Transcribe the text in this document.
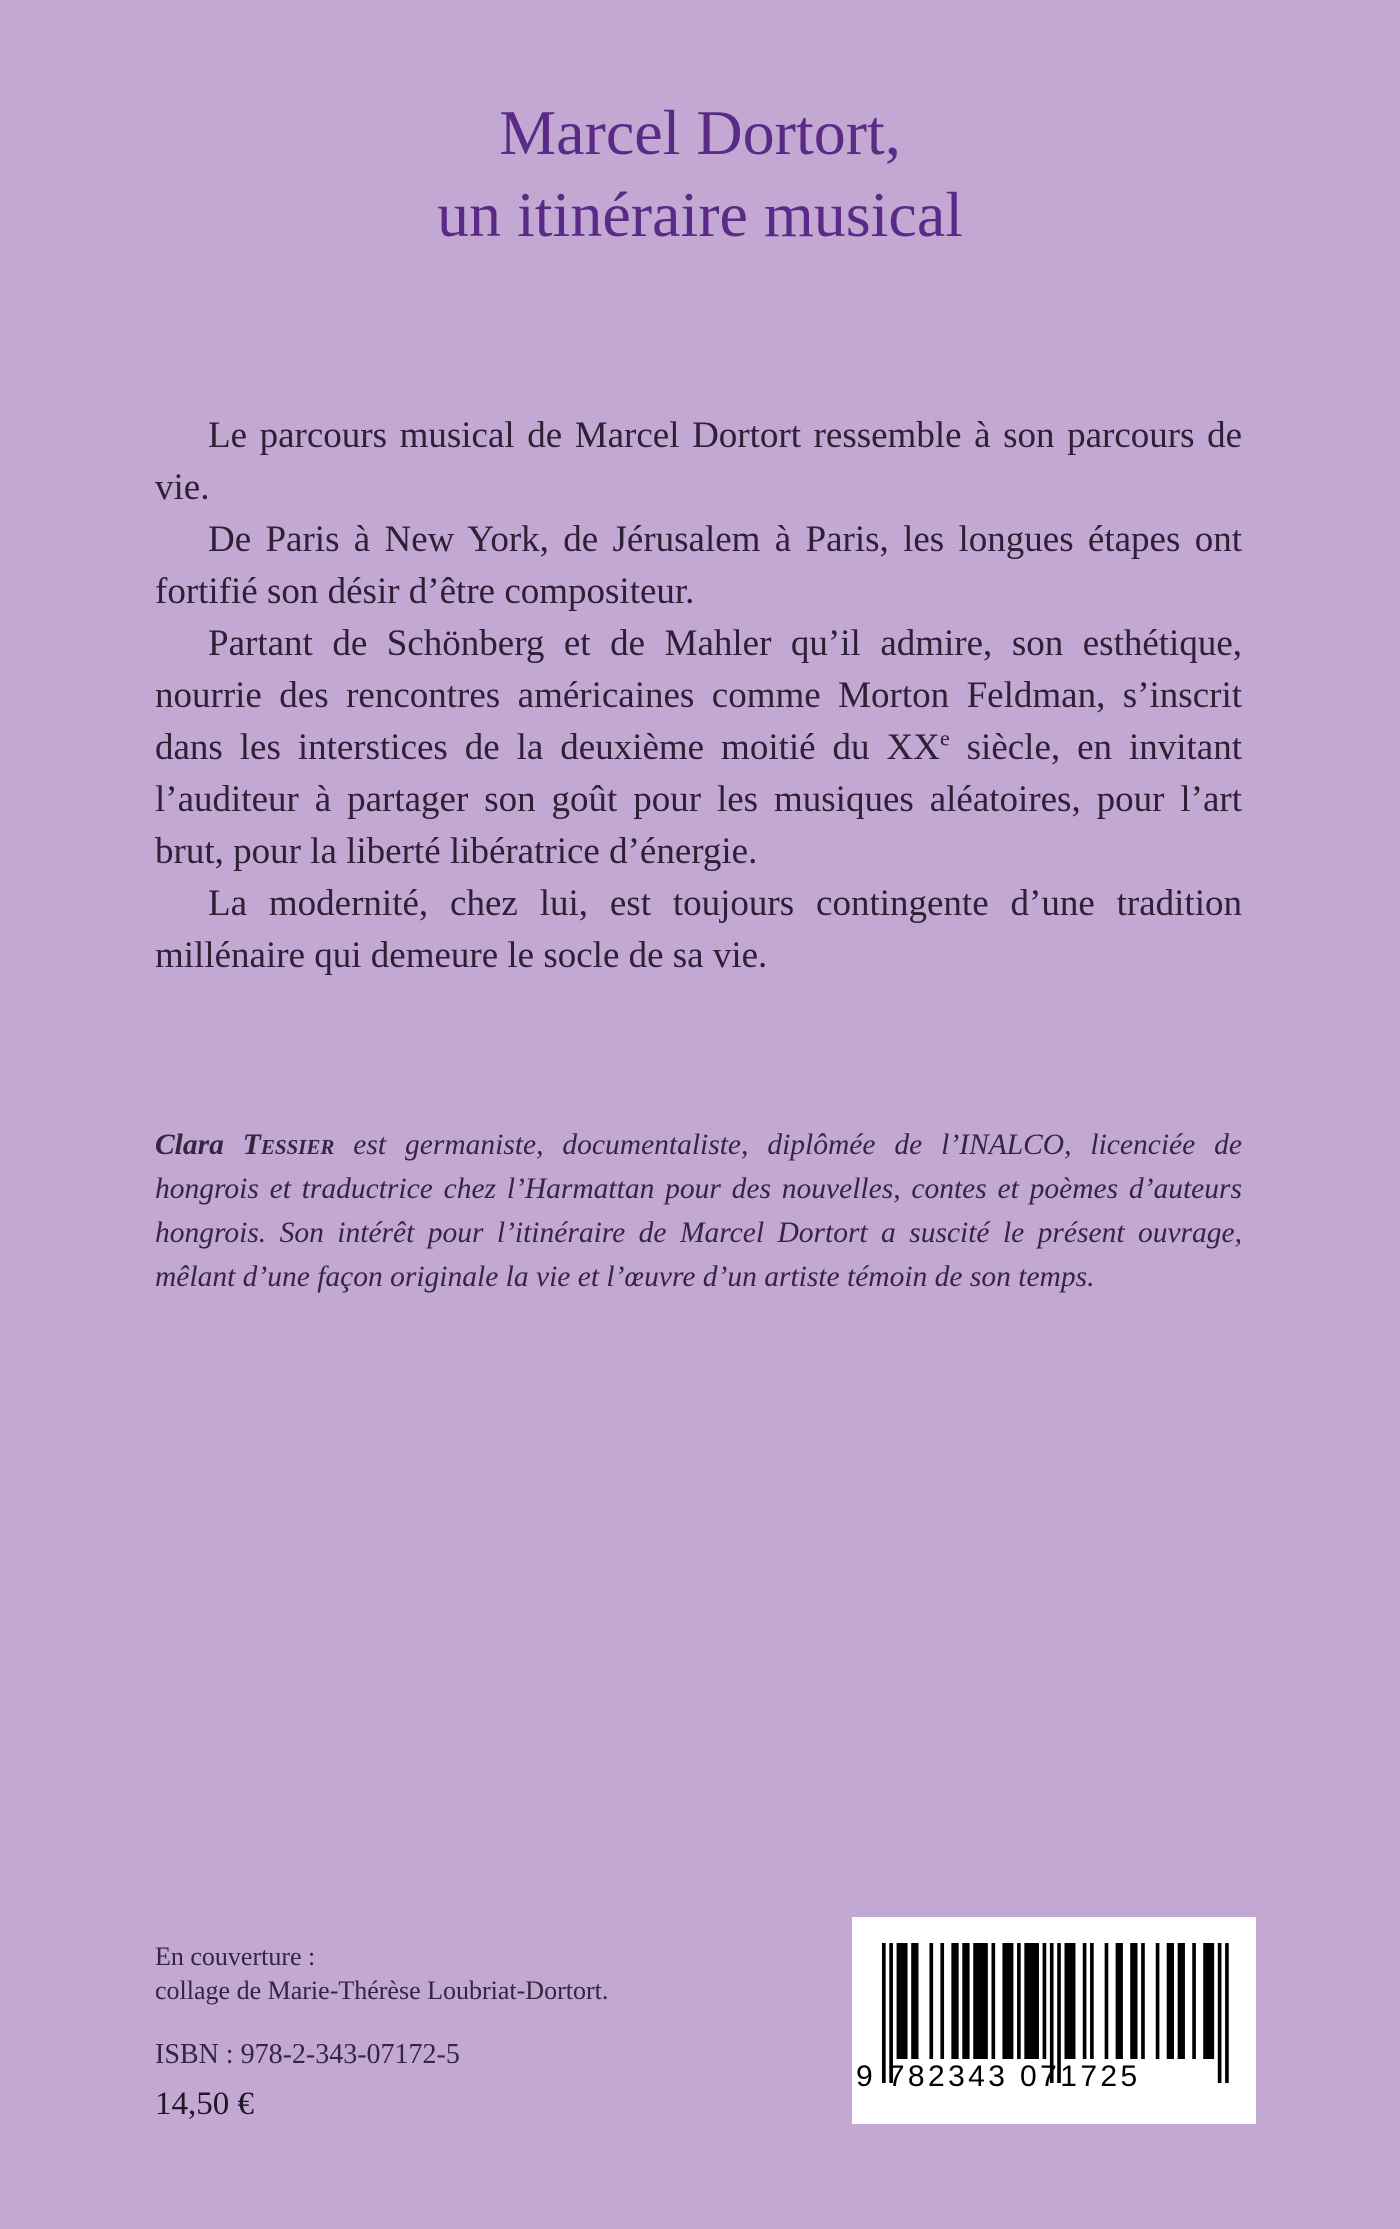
Marcel Dortort,
un itinéraire musical

Le parcours musical de Marcel Dortort ressemble à son parcours de vie.

De Paris à New York, de Jérusalem à Paris, les longues étapes ont fortifié son désir d’être compositeur.

Partant de Schönberg et de Mahler qu’il admire, son esthétique, nourrie des rencontres américaines comme Morton Feldman, s’inscrit dans les interstices de la deuxième moitié du XXe siècle, en invitant l’auditeur à partager son goût pour les musiques aléatoires, pour l’art brut, pour la liberté libératrice d’énergie.

La modernité, chez lui, est toujours contingente d’une tradition millénaire qui demeure le socle de sa vie.

Clara Tessier est germaniste, documentaliste, diplômée de l’INALCO, licenciée de hongrois et traductrice chez l’Harmattan pour des nouvelles, contes et poèmes d’auteurs hongrois. Son intérêt pour l’itinéraire de Marcel Dortort a suscité le présent ouvrage, mêlant d’une façon originale la vie et l’œuvre d’un artiste témoin de son temps.

En couverture :
collage de Marie-Thérèse Loubriat-Dortort.
ISBN : 978-2-343-07172-5
14,50 €
9 782343 071725
